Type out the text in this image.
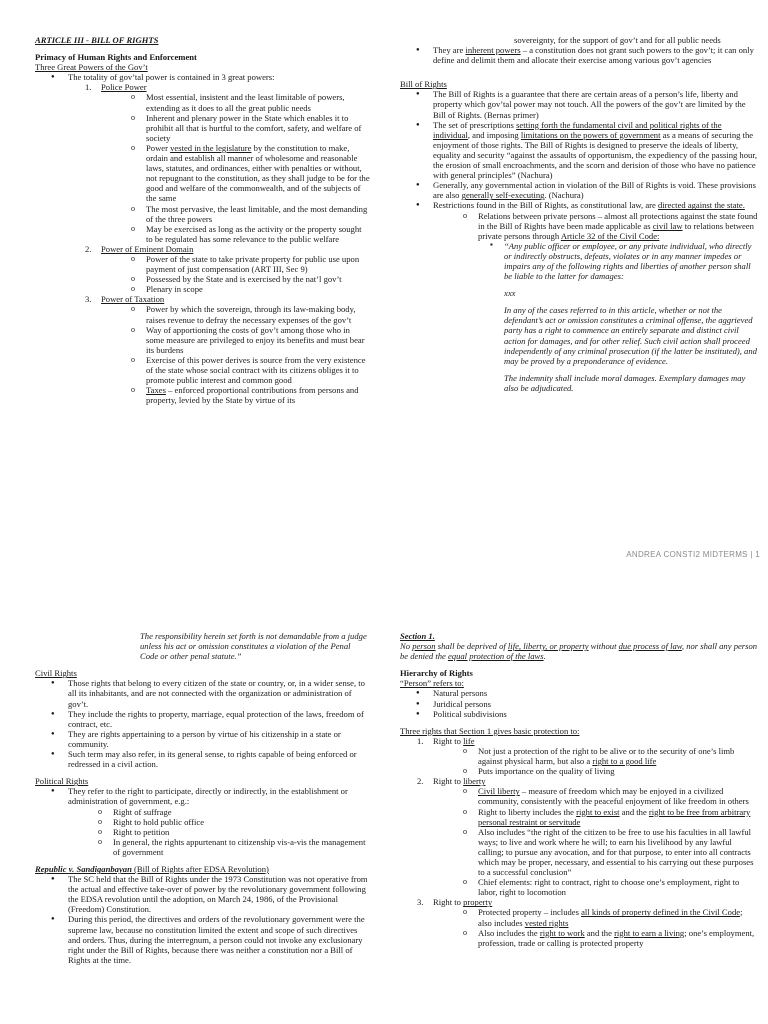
ARTICLE III - BILL OF RIGHTS

Primacy of Human Rights and Enforcement

Three Great Powers of the Gov’t

● The totality of gov’tal power is contained in 3 great powers:
1. Police Power
o Most essential, insistent and the least limitable of powers, extending as it does to all the great public needs
o Inherent and plenary power in the State which enables it to prohibit all that is hurtful to the comfort, safety, and welfare of society
o Power vested in the legislature by the constitution to make, ordain and establish all manner of wholesome and reasonable laws, statutes, and ordinances, either with penalties or without, not repugnant to the constitution, as they shall judge to be for the good and welfare of the commonwealth, and of the subjects of the same
o The most pervasive, the least limitable, and the most demanding of the three powers
o May be exercised as long as the activity or the property sought to be regulated has some relevance to the public welfare
2. Power of Eminent Domain
o Power of the state to take private property for public use upon payment of just compensation (ART III, Sec 9)
o Possessed by the State and is exercised by the nat’l gov’t
o Plenary in scope
3. Power of Taxation
o Power by which the sovereign, through its law-making body, raises revenue to defray the necessary expenses of the gov’t
o Way of apportioning the costs of gov’t among those who in some measure are privileged to enjoy its benefits and must bear its burdens
o Exercise of this power derives is source from the very existence of the state whose social contract with its citizens obliges it to promote public interest and common good
o Taxes – enforced proportional contributions from persons and property, levied by the State by virtue of its

sovereignty, for the support of gov’t and for all public needs

● They are inherent powers – a constitution does not grant such powers to the gov’t; it can only define and delimit them and allocate their exercise among various gov’t agencies

Bill of Rights

● The Bill of Rights is a guarantee that there are certain areas of a person’s life, liberty and property which gov’tal power may not touch. All the powers of the gov’t are limited by the Bill of Rights. (Bernas primer)
● The set of prescriptions setting forth the fundamental civil and political rights of the individual, and imposing limitations on the powers of government as a means of securing the enjoyment of those rights. The Bill of Rights is designed to preserve the ideals of liberty, equality and security “against the assaults of opportunism, the expediency of the passing hour, the erosion of small encroachments, and the scorn and derision of those who have no patience with general principles” (Nachura)
● Generally, any governmental action in violation of the Bill of Rights is void. These provisions are also generally self-executing. (Nachura)
● Restrictions found in the Bill of Rights, as constitutional law, are directed against the state.
o Relations between private persons – almost all protections against the state found in the Bill of Rights have been made applicable as civil law to relations between private persons through Article 32 of the Civil Code:

▪ “Any public officer or employee, or any private individual, who directly or indirectly obstructs, defeats, violates or in any manner impedes or impairs any of the following rights and liberties of another person shall be liable to the latter for damages:

xxx

In any of the cases referred to in this article, whether or not the defendant’s act or omission constitutes a criminal offense, the aggrieved party has a right to commence an entirely separate and distinct civil action for damages, and for other relief. Such civil action shall proceed independently of any criminal prosecution (if the latter be instituted), and may be proved by a preponderance of evidence.

The indemnity shall include moral damages. Exemplary damages may also be adjudicated.

ANDREA CONSTI2 MIDTERMS | 1

The responsibility herein set forth is not demandable from a judge unless his act or omission constitutes a violation of the Penal Code or other penal statute.”

Civil Rights

● Those rights that belong to every citizen of the state or country, or, in a wider sense, to all its inhabitants, and are not connected with the organization or administration of gov’t.
● They include the rights to property, marriage, equal protection of the laws, freedom of contract, etc.
● They are rights appertaining to a person by virtue of his citizenship in a state or community.
● Such term may also refer, in its general sense, to rights capable of being enforced or redressed in a civil action.

Political Rights

● They refer to the right to participate, directly or indirectly, in the establishment or administration of government, e.g.:
o Right of suffrage
o Right to hold public office
o Right to petition
o In general, the rights appurtenant to citizenship vis-a-vis the management of government

Republic v. Sandiganbayan (Bill of Rights after EDSA Revolution)

● The SC held that the Bill of Rights under the 1973 Constitution was not operative from the actual and effective take-over of power by the revolutionary government following the EDSA revolution until the adoption, on March 24, 1986, of the Provisional (Freedom) Constitution.
● During this period, the directives and orders of the revolutionary government were the supreme law, because no constitution limited the extent and scope of such directives and orders. Thus, during the interregnum, a person could not invoke any exclusionary right under the Bill of Rights, because there was neither a constitution nor a Bill of Rights at the time.

Section 1.

No person shall be deprived of life, liberty, or property without due process of law, nor shall any person be denied the equal protection of the laws.

Hierarchy of Rights

“Person” refers to:

● Natural persons
● Juridical persons
● Political subdivisions

Three rights that Section 1 gives basic protection to:

1. Right to life
o Not just a protection of the right to be alive or to the security of one’s limb against physical harm, but also a right to a good life
o Puts importance on the quality of living
2. Right to liberty
o Civil liberty – measure of freedom which may be enjoyed in a civilized community, consistently with the peaceful enjoyment of like freedom in others
o Right to liberty includes the right to exist and the right to be free from arbitrary personal restraint or servitude
o Also includes “the right of the citizen to be free to use his faculties in all lawful ways; to live and work where he will; to earn his livelihood by any lawful calling; to pursue any avocation, and for that purpose, to enter into all contracts which may be proper, necessary, and essential to his carrying out these purposes to a successful conclusion”
o Chief elements: right to contract, right to choose one’s employment, right to labor, right to locomotion
3. Right to property
o Protected property – includes all kinds of property defined in the Civil Code; also includes vested rights
o Also includes the right to work and the right to earn a living; one’s employment, profession, trade or calling is protected property
